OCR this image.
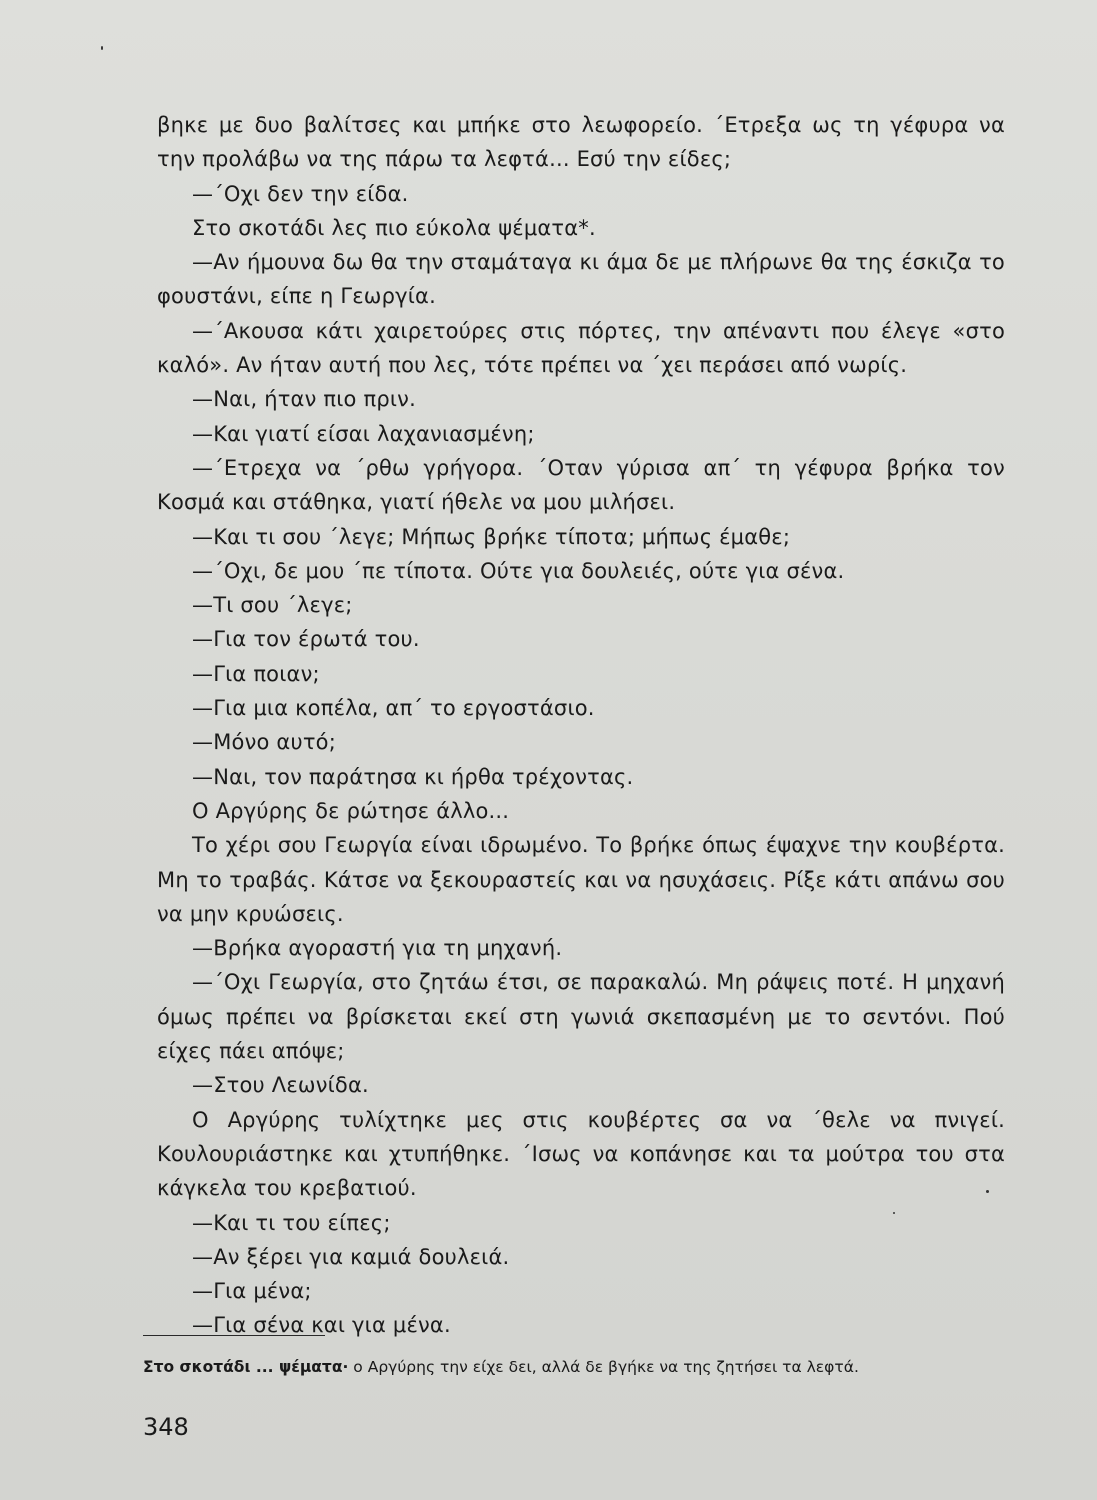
βηκε με δυο βαλίτσες και μπήκε στο λεωφορείο. ΄Ετρεξα ως τη γέφυρα να την προλάβω να της πάρω τα λεφτά... Εσύ την είδες;

—΄Οχι δεν την είδα.

Στο σκοτάδι λες πιο εύκολα ψέματα*.

—Αν ήμουνα δω θα την σταμάταγα κι άμα δε με πλήρωνε θα της έσκιζα το φουστάνι, είπε η Γεωργία.

—΄Ακουσα κάτι χαιρετούρες στις πόρτες, την απέναντι που έλεγε «στο καλό». Αν ήταν αυτή που λες, τότε πρέπει να ΄χει περάσει από νωρίς.

—Ναι, ήταν πιο πριν.

—Και γιατί είσαι λαχανιασμένη;

—΄Ετρεχα να ΄ρθω γρήγορα. ΄Οταν γύρισα απ΄ τη γέφυρα βρήκα τον Κοσμά και στάθηκα, γιατί ήθελε να μου μιλήσει.

—Και τι σου ΄λεγε; Μήπως βρήκε τίποτα; μήπως έμαθε;

—΄Οχι, δε μου ΄πε τίποτα. Ούτε για δουλειές, ούτε για σένα.

—Τι σου ΄λεγε;

—Για τον έρωτά του.

—Για ποιαν;

—Για μια κοπέλα, απ΄ το εργοστάσιο.

—Μόνο αυτό;

—Ναι, τον παράτησα κι ήρθα τρέχοντας.

Ο Αργύρης δε ρώτησε άλλο...

Το χέρι σου Γεωργία είναι ιδρωμένο. Το βρήκε όπως έψαχνε την κουβέρτα. Μη το τραβάς. Κάτσε να ξεκουραστείς και να ησυχάσεις. Ρίξε κάτι απάνω σου να μην κρυώσεις.

—Βρήκα αγοραστή για τη μηχανή.

—΄Οχι Γεωργία, στο ζητάω έτσι, σε παρακαλώ. Μη ράψεις ποτέ. Η μηχανή όμως πρέπει να βρίσκεται εκεί στη γωνιά σκεπασμένη με το σεντόνι. Πού είχες πάει απόψε;

—Στου Λεωνίδα.

Ο Αργύρης τυλίχτηκε μες στις κουβέρτες σα να ΄θελε να πνιγεί. Κουλουριάστηκε και χτυπήθηκε. ΄Ισως να κοπάνησε και τα μούτρα του στα κάγκελα του κρεβατιού.

—Και τι του είπες;

—Αν ξέρει για καμιά δουλειά.

—Για μένα;

—Για σένα και για μένα.

Στο σκοτάδι ... ψέματα· ο Αργύρης την είχε δει, αλλά δε βγήκε να της ζητήσει τα λεφτά.
348
